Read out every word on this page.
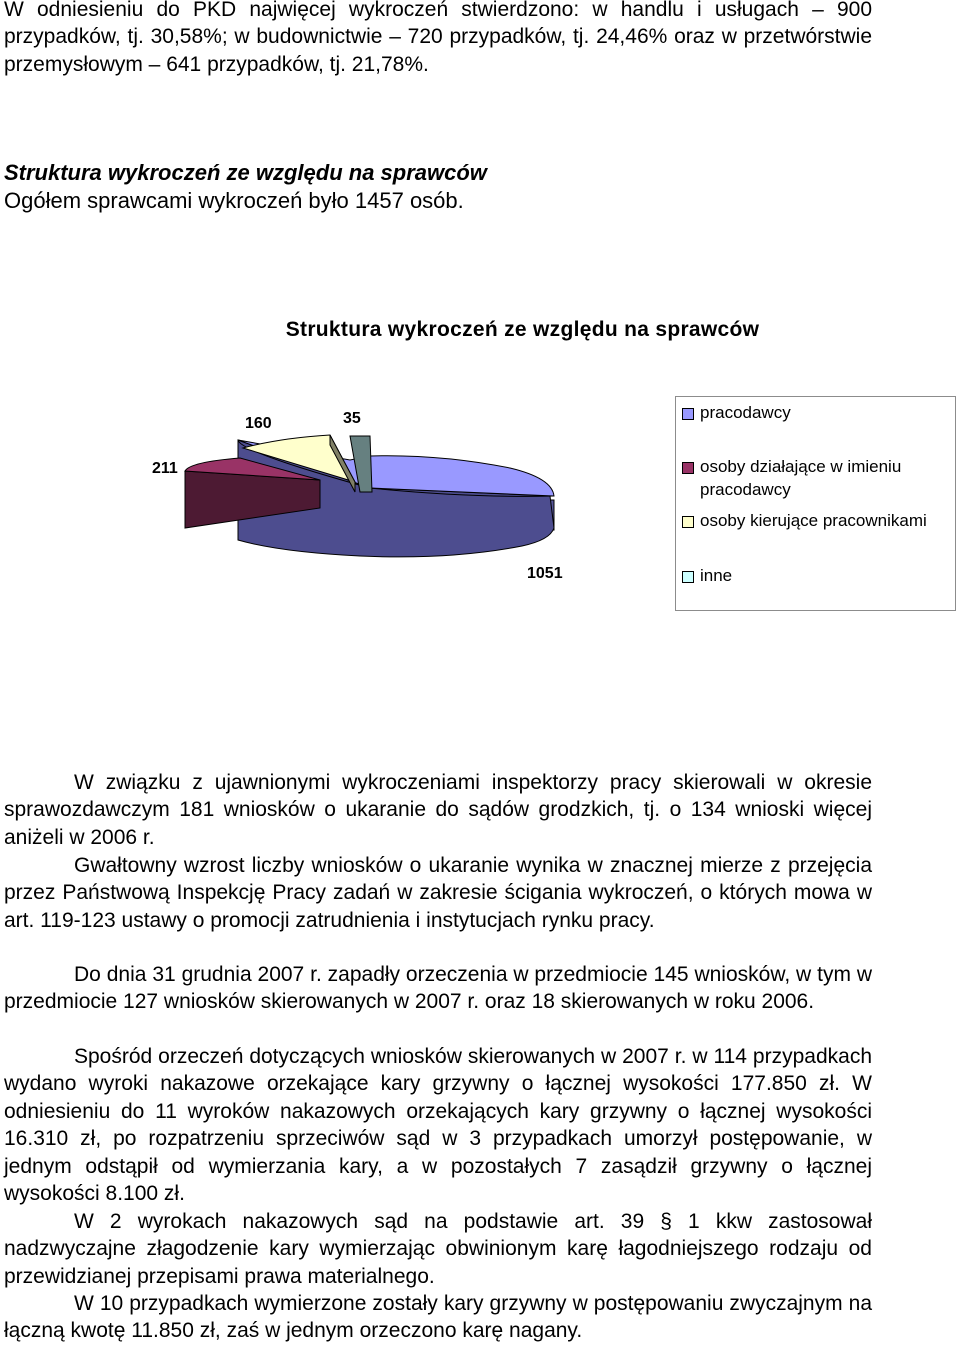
W odniesieniu do PKD najwięcej wykroczeń stwierdzono: w handlu i usługach – 900 przypadków, tj. 30,58%; w budownictwie – 720 przypadków, tj. 24,46% oraz w przetwórstwie przemysłowym – 641 przypadków, tj. 21,78%.

Struktura wykroczeń ze względu na sprawców

Ogółem sprawcami wykroczeń było 1457 osób.

Struktura wykroczeń ze względu na sprawców
160	35
211
1051
pracodawcy
osoby działające w imieniu pracodawcy
osoby kierujące pracownikami
inne

W związku z ujawnionymi wykroczeniami inspektorzy pracy skierowali w okresie sprawozdawczym 181 wniosków o ukaranie do sądów grodzkich, tj. o 134 wnioski więcej aniżeli w 2006 r.

Gwałtowny wzrost liczby wniosków o ukaranie wynika w znacznej mierze z przejęcia przez Państwową Inspekcję Pracy zadań w zakresie ścigania wykroczeń, o których mowa w art. 119-123 ustawy o promocji zatrudnienia i instytucjach rynku pracy.

Do dnia 31 grudnia 2007 r. zapadły orzeczenia w przedmiocie 145 wniosków, w tym w przedmiocie 127 wniosków skierowanych w 2007 r. oraz 18 skierowanych w roku 2006.

Spośród orzeczeń dotyczących wniosków skierowanych w 2007 r. w 114 przypadkach wydano wyroki nakazowe orzekające kary grzywny o łącznej wysokości 177.850 zł. W odniesieniu do 11 wyroków nakazowych orzekających kary grzywny o łącznej wysokości 16.310 zł, po rozpatrzeniu sprzeciwów sąd w 3 przypadkach umorzył postępowanie, w jednym odstąpił od wymierzania kary, a w pozostałych 7 zasądził grzywny o łącznej wysokości 8.100 zł.

W 2 wyrokach nakazowych sąd na podstawie art. 39 § 1 kkw zastosował nadzwyczajne złagodzenie kary wymierzając obwinionym karę łagodniejszego rodzaju od przewidzianej przepisami prawa materialnego.

W 10 przypadkach wymierzone zostały kary grzywny w postępowaniu zwyczajnym na łączną kwotę 11.850 zł, zaś w jednym orzeczono karę nagany.
